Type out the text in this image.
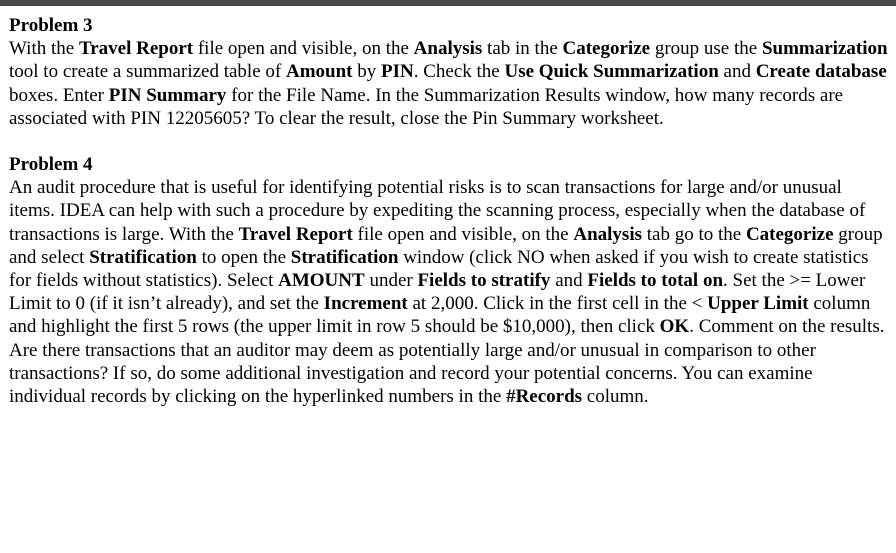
Problem 3

With the Travel Report file open and visible, on the Analysis tab in the Categorize group use the Summarization tool to create a summarized table of Amount by PIN. Check the Use Quick Summarization and Create database boxes. Enter PIN Summary for the File Name. In the Summarization Results window, how many records are associated with PIN 12205605? To clear the result, close the Pin Summary worksheet.

Problem 4

An audit procedure that is useful for identifying potential risks is to scan transactions for large and/or unusual items. IDEA can help with such a procedure by expediting the scanning process, especially when the database of transactions is large. With the Travel Report file open and visible, on the Analysis tab go to the Categorize group and select Stratification to open the Stratification window (click NO when asked if you wish to create statistics for fields without statistics). Select AMOUNT under Fields to stratify and Fields to total on. Set the >= Lower Limit to 0 (if it isn’t already), and set the Increment at 2,000. Click in the first cell in the < Upper Limit column and highlight the first 5 rows (the upper limit in row 5 should be $10,000), then click OK. Comment on the results. Are there transactions that an auditor may deem as potentially large and/or unusual in comparison to other transactions? If so, do some additional investigation and record your potential concerns. You can examine individual records by clicking on the hyperlinked numbers in the #Records column.
